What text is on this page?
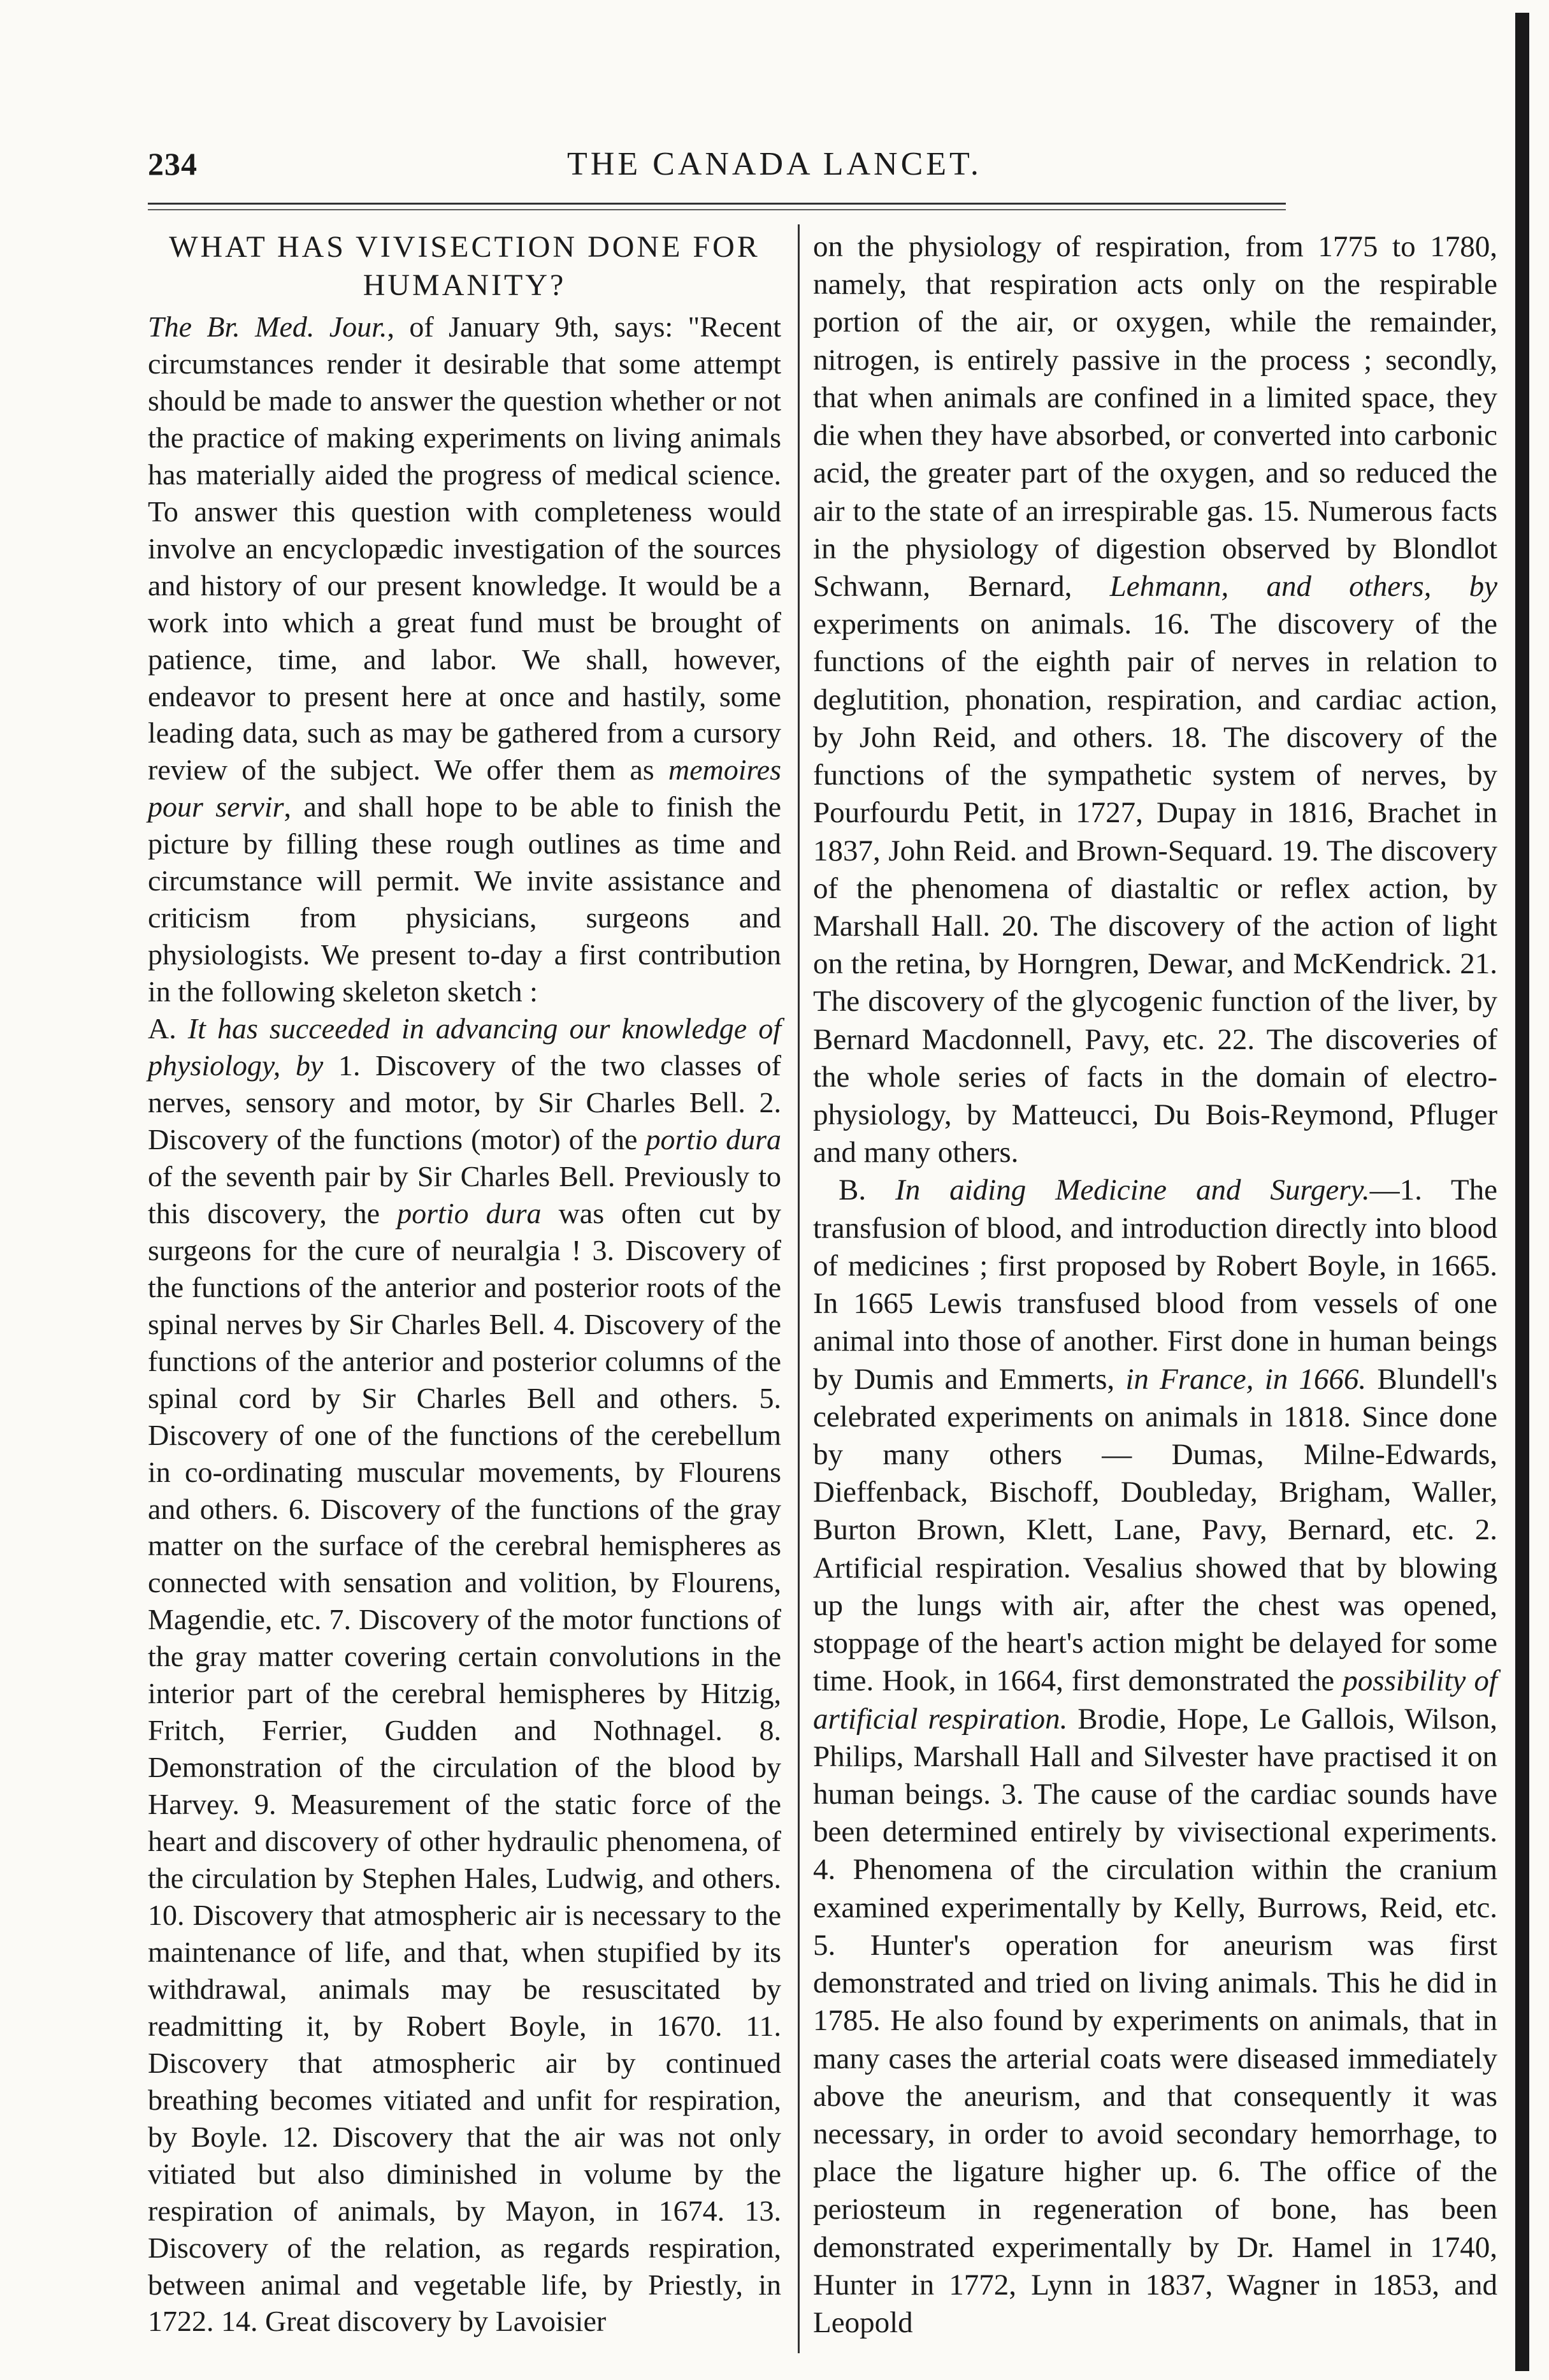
234	THE CANADA LANCET.
WHAT HAS VIVISECTION DONE FOR HUMANITY?

The Br. Med. Jour., of January 9th, says: "Recent circumstances render it desirable that some attempt should be made to answer the question whether or not the practice of making experiments on living animals has materially aided the progress of medical science. To answer this question with completeness would involve an encyclopædic investigation of the sources and history of our present knowledge. It would be a work into which a great fund must be brought of patience, time, and labor. We shall, however, endeavor to present here at once and hastily, some leading data, such as may be gathered from a cursory review of the subject. We offer them as memoires pour servir, and shall hope to be able to finish the picture by filling these rough outlines as time and circumstance will permit. We invite assistance and criticism from physicians, surgeons and physiologists. We present to-day a first contribution in the following skeleton sketch :

A. It has succeeded in advancing our knowledge of physiology, by 1. Discovery of the two classes of nerves, sensory and motor, by Sir Charles Bell. 2. Discovery of the functions (motor) of the portio dura of the seventh pair by Sir Charles Bell. Previously to this discovery, the portio dura was often cut by surgeons for the cure of neuralgia ! 3. Discovery of the functions of the anterior and posterior roots of the spinal nerves by Sir Charles Bell. 4. Discovery of the functions of the anterior and posterior columns of the spinal cord by Sir Charles Bell and others. 5. Discovery of one of the functions of the cerebellum in co-ordinating muscular movements, by Flourens and others. 6. Discovery of the functions of the gray matter on the surface of the cerebral hemispheres as connected with sensation and volition, by Flourens, Magendie, etc. 7. Discovery of the motor functions of the gray matter covering certain convolutions in the interior part of the cerebral hemispheres by Hitzig, Fritch, Ferrier, Gudden and Nothnagel. 8. Demonstration of the circulation of the blood by Harvey. 9. Measurement of the static force of the heart and discovery of other hydraulic phenomena, of the circulation by Stephen Hales, Ludwig, and others. 10. Discovery that atmospheric air is necessary to the maintenance of life, and that, when stupified by its withdrawal, animals may be resuscitated by readmitting it, by Robert Boyle, in 1670. 11. Discovery that atmospheric air by continued breathing becomes vitiated and unfit for respiration, by Boyle. 12. Discovery that the air was not only vitiated but also diminished in volume by the respiration of animals, by Mayon, in 1674. 13. Discovery of the relation, as regards respiration, between animal and vegetable life, by Priestly, in 1722. 14. Great discovery by Lavoisier

on the physiology of respiration, from 1775 to 1780, namely, that respiration acts only on the respirable portion of the air, or oxygen, while the remainder, nitrogen, is entirely passive in the process ; secondly, that when animals are confined in a limited space, they die when they have absorbed, or converted into carbonic acid, the greater part of the oxygen, and so reduced the air to the state of an irrespirable gas. 15. Numerous facts in the physiology of digestion observed by Blondlot Schwann, Bernard, Lehmann, and others, by experiments on animals. 16. The discovery of the functions of the eighth pair of nerves in relation to deglutition, phonation, respiration, and cardiac action, by John Reid, and others. 18. The discovery of the functions of the sympathetic system of nerves, by Pourfourdu Petit, in 1727, Dupay in 1816, Brachet in 1837, John Reid. and Brown-Sequard. 19. The discovery of the phenomena of diastaltic or reflex action, by Marshall Hall. 20. The discovery of the action of light on the retina, by Horngren, Dewar, and McKendrick. 21. The discovery of the glycogenic function of the liver, by Bernard Macdonnell, Pavy, etc. 22. The discoveries of the whole series of facts in the domain of electro-physiology, by Matteucci, Du Bois-Reymond, Pfluger and many others.

B. In aiding Medicine and Surgery.—1. The transfusion of blood, and introduction directly into blood of medicines ; first proposed by Robert Boyle, in 1665. In 1665 Lewis transfused blood from vessels of one animal into those of another. First done in human beings by Dumis and Emmerts, in France, in 1666. Blundell's celebrated experiments on animals in 1818. Since done by many others — Dumas, Milne-Edwards, Dieffenback, Bischoff, Doubleday, Brigham, Waller, Burton Brown, Klett, Lane, Pavy, Bernard, etc. 2. Artificial respiration. Vesalius showed that by blowing up the lungs with air, after the chest was opened, stoppage of the heart's action might be delayed for some time. Hook, in 1664, first demonstrated the possibility of artificial respiration. Brodie, Hope, Le Gallois, Wilson, Philips, Marshall Hall and Silvester have practised it on human beings. 3. The cause of the cardiac sounds have been determined entirely by vivisectional experiments. 4. Phenomena of the circulation within the cranium examined experimentally by Kelly, Burrows, Reid, etc. 5. Hunter's operation for aneurism was first demonstrated and tried on living animals. This he did in 1785. He also found by experiments on animals, that in many cases the arterial coats were diseased immediately above the aneurism, and that consequently it was necessary, in order to avoid secondary hemorrhage, to place the ligature higher up. 6. The office of the periosteum in regeneration of bone, has been demonstrated experimentally by Dr. Hamel in 1740, Hunter in 1772, Lynn in 1837, Wagner in 1853, and Leopold
